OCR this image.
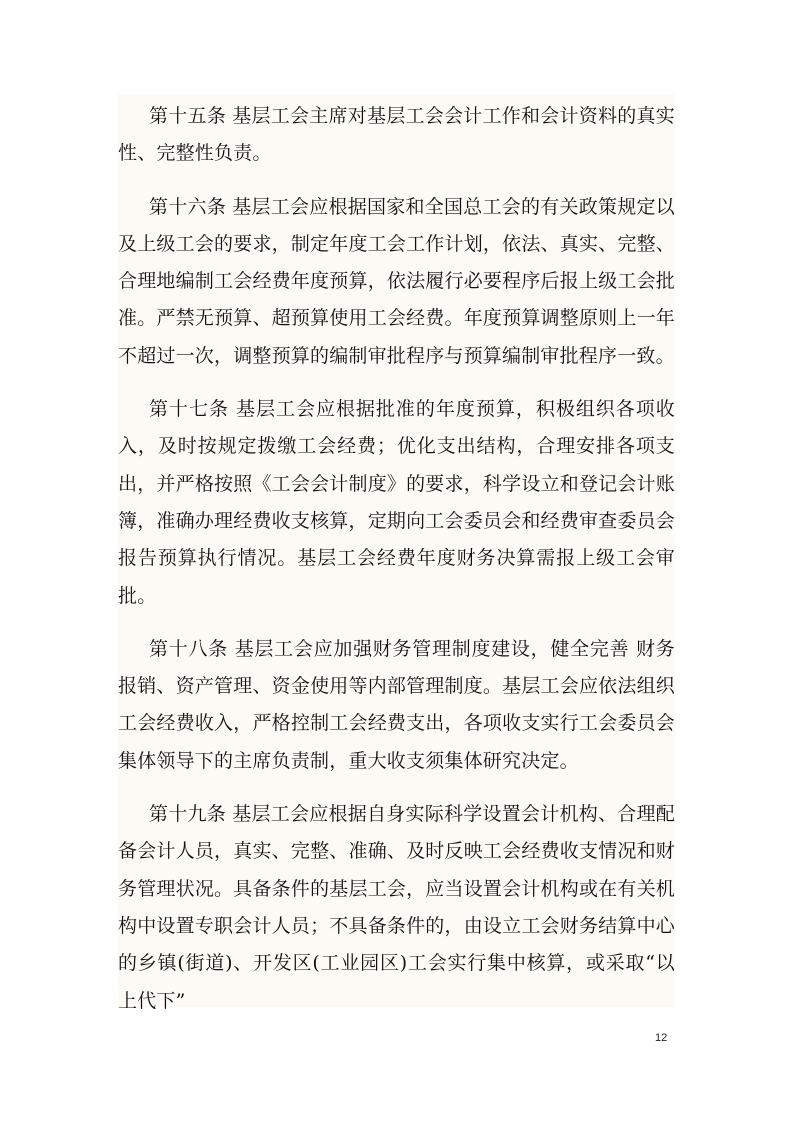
第十五条 基层工会主席对基层工会会计工作和会计资料的真实性、完整性负责。

第十六条 基层工会应根据国家和全国总工会的有关政策规定以及上级工会的要求，制定年度工会工作计划，依法、真实、完整、合理地编制工会经费年度预算，依法履行必要程序后报上级工会批准。严禁无预算、超预算使用工会经费。年度预算调整原则上一年不超过一次，调整预算的编制审批程序与预算编制审批程序一致。

第十七条 基层工会应根据批准的年度预算，积极组织各项收入，及时按规定拨缴工会经费；优化支出结构，合理安排各项支出，并严格按照《工会会计制度》的要求，科学设立和登记会计账簿，准确办理经费收支核算，定期向工会委员会和经费审查委员会报告预算执行情况。基层工会经费年度财务决算需报上级工会审批。

第十八条 基层工会应加强财务管理制度建设，健全完善 财务报销、资产管理、资金使用等内部管理制度。基层工会应依法组织工会经费收入，严格控制工会经费支出，各项收支实行工会委员会集体领导下的主席负责制，重大收支须集体研究决定。

第十九条 基层工会应根据自身实际科学设置会计机构、合理配备会计人员，真实、完整、准确、及时反映工会经费收支情况和财务管理状况。具备条件的基层工会，应当设置会计机构或在有关机构中设置专职会计人员；不具备条件的，由设立工会财务结算中心的乡镇(街道)、开发区(工业园区)工会实行集中核算，或采取“以上代下”

12
